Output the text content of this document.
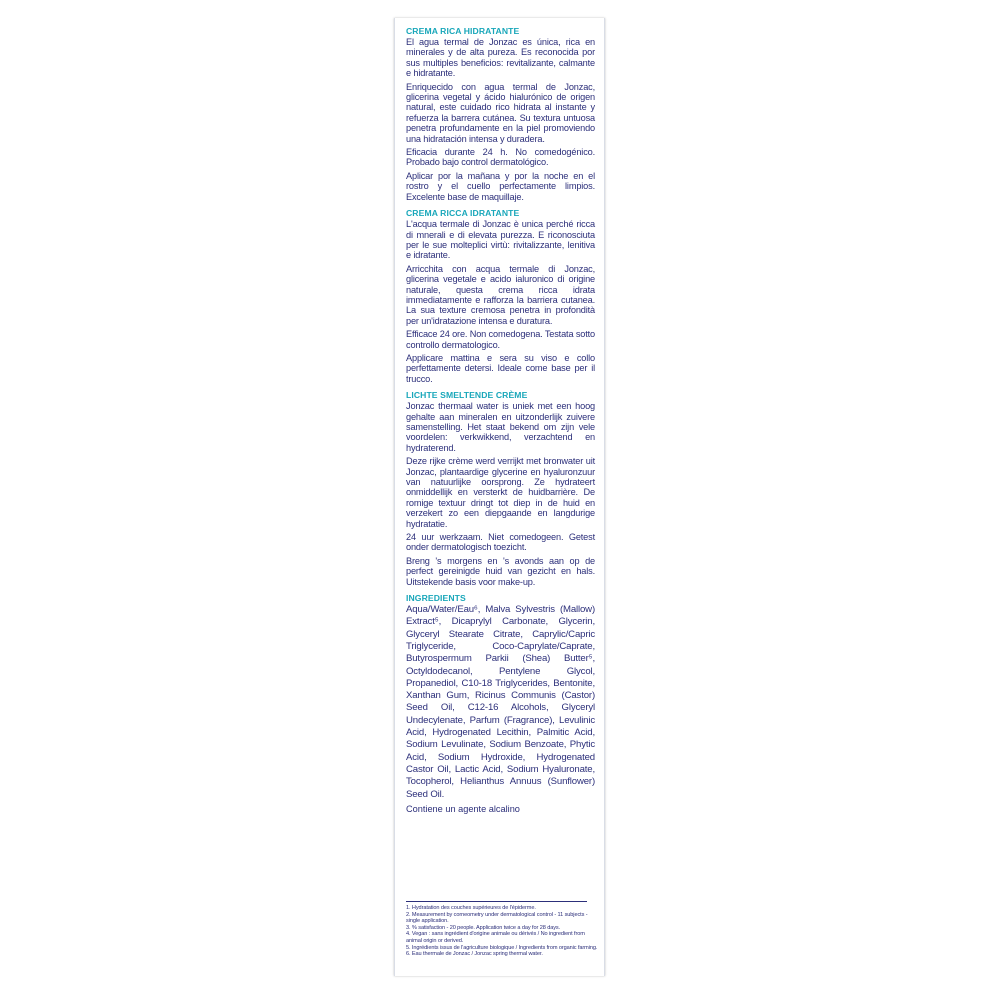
CREMA RICA HIDRATANTE
El agua termal de Jonzac es única, rica en minerales y de alta pureza. Es reconocida por sus multiples beneficios: revitalizante, calmante e hidratante.
Enriquecido con agua termal de Jonzac, glicerina vegetal y ácido hialurónico de origen natural, este cuidado rico hidrata al instante y refuerza la barrera cutánea. Su textura untuosa penetra profundamente en la piel promoviendo una hidratación intensa y duradera.
Eficacia durante 24 h. No comedogénico. Probado bajo control dermatológico.
Aplicar por la mañana y por la noche en el rostro y el cuello perfectamente limpios. Excelente base de maquillaje.
CREMA RICCA IDRATANTE
L'acqua termale di Jonzac è unica perché ricca di mnerali e di elevata purezza. E riconosciuta per le sue molteplici virtù: rivitalizzante, lenitiva e idratante.
Arricchita con acqua termale di Jonzac, glicerina vegetale e acido ialuronico di origine naturale, questa crema ricca idrata immediatamente e rafforza la barriera cutanea. La sua texture cremosa penetra in profondità per un'idratazione intensa e duratura.
Efficace 24 ore. Non comedogena. Testata sotto controllo dermatologico.
Applicare mattina e sera su viso e collo perfettamente detersi. Ideale come base per il trucco.
LICHTE SMELTENDE CRÈME
Jonzac thermaal water is uniek met een hoog gehalte aan mineralen en uitzonderlijk zuivere samenstelling. Het staat bekend om zijn vele voordelen: verkwikkend, verzachtend en hydraterend.
Deze rijke crème werd verrijkt met bronwater uit Jonzac, plantaardige glycerine en hyaluronzuur van natuurlijke oorsprong. Ze hydrateert onmiddellijk en versterkt de huidbarrière. De romige textuur dringt tot diep in de huid en verzekert zo een diepgaande en langdurige hydratatie.
24 uur werkzaam. Niet comedogeen. Getest onder dermatologisch toezicht.
Breng 's morgens en 's avonds aan op de perfect gereinigde huid van gezicht en hals. Uitstekende basis voor make-up.
INGREDIENTS
Aqua/Water/Eau⁶, Malva Sylvestris (Mallow) Extract⁵, Dicaprylyl Carbonate, Glycerin, Glyceryl Stearate Citrate, Caprylic/Capric Triglyceride, Coco-Caprylate/Caprate, Butyrospermum Parkii (Shea) Butter⁵, Octyldodecanol, Pentylene Glycol, Propanediol, C10-18 Triglycerides, Bentonite, Xanthan Gum, Ricinus Communis (Castor) Seed Oil, C12-16 Alcohols, Glyceryl Undecylenate, Parfum (Fragrance), Levulinic Acid, Hydrogenated Lecithin, Palmitic Acid, Sodium Levulinate, Sodium Benzoate, Phytic Acid, Sodium Hydroxide, Hydrogenated Castor Oil, Lactic Acid, Sodium Hyaluronate, Tocopherol, Helianthus Annuus (Sunflower) Seed Oil.
Contiene un agente alcalino
1. Hydratation des couches supérieures de l'épiderme.
2. Measurement by corneometry under dermatological control - 11 subjects - single application.
3. % satisfaction - 20 people. Application twice a day for 28 days.
4. Vegan : sans ingrédient d'origine animale ou dérivés / No ingredient from animal origin or derived.
5. Ingrédients issus de l'agriculture biologique / Ingredients from organic farming.
6. Eau thermale de Jonzac / Jonzac spring thermal water.
